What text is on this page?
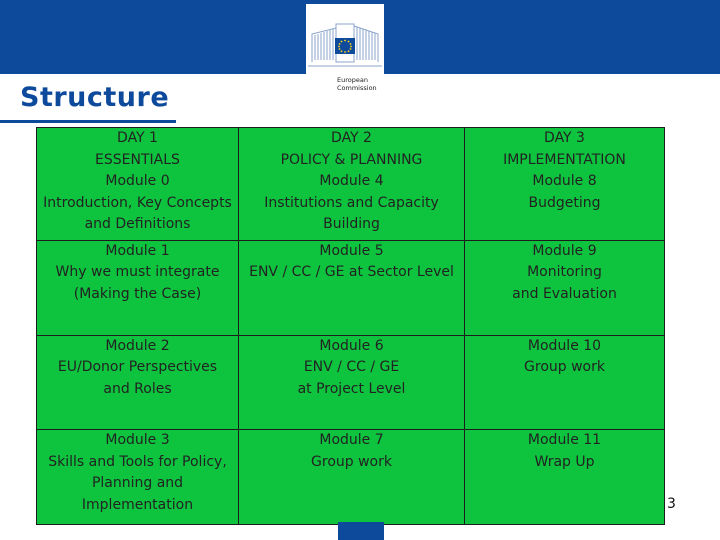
European
Commission
Structure
DAY 1
ESSENTIALS
Module 0
Introduction, Key Concepts
and Definitions	DAY 2
POLICY & PLANNING
Module 4
Institutions and Capacity
Building	DAY 3
IMPLEMENTATION
Module 8
Budgeting

Module 1
Why we must integrate
(Making the Case)	Module 5
ENV / CC / GE at Sector Level	Module 9
Monitoring
and Evaluation

Module 2
EU/Donor Perspectives
and Roles	Module 6
ENV / CC / GE
at Project Level	Module 10
Group work

Module 3
Skills and Tools for Policy,
Planning and
Implementation	Module 7
Group work	Module 11
Wrap Up
3
